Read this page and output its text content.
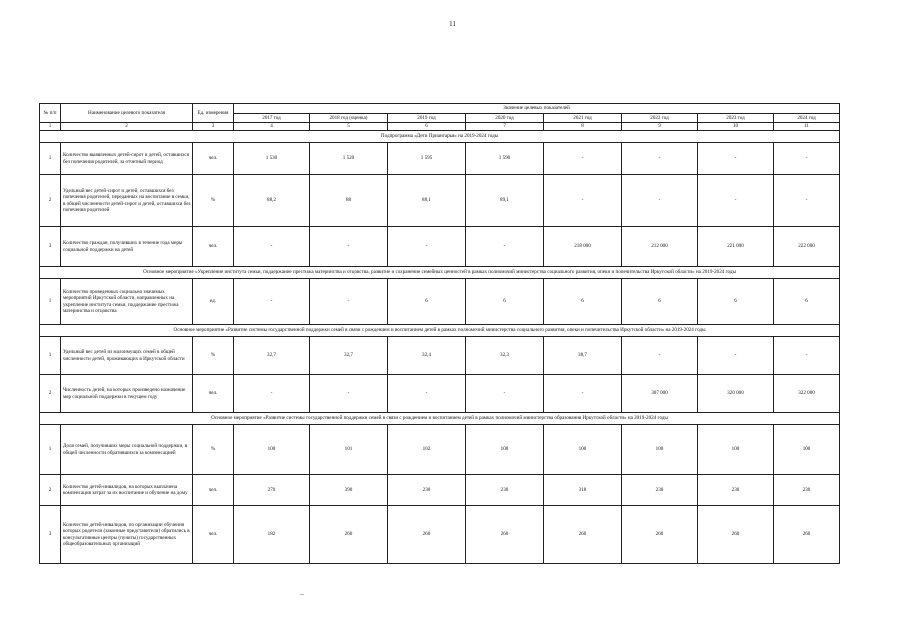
11
№ п/п	Наименование целевого показателя	Ед. измерения	Значение целевых показателей							
			2017 год	2018 год (оценка)	2019 год	2020 год	2021 год	2022 год	2023 год	2024 год
1	2	3	4	5	6	7	8	9	10	11
Подпрограмма «Дети Приангарья» на 2019-2024 годы										
1	Количество выявленных детей-сирот и детей, оставшихся без попечения родителей, за отчетный период	чел.	1 530	1 520	1 595	1 590	-	-	-	-
2	Удельный вес детей-сирот и детей, оставшихся без попечения родителей, переданных на воспитание в семьи, в общей численности детей-сирот и детей, оставшихся без попечения родителей	%	88,2	88	88,1	89,1	-	-	-	-
3	Количество граждан, получивших в течение года меры социальной поддержки на детей	чел.	-	-	-	-	218 000	212 000	221 000	222 000
Основное мероприятие «Укрепление института семьи, поддержание престижа материнства и отцовства, развитие и сохранение семейных ценностей в рамках полномочий министерства социального развития, опеки и попечительства Иркутской области» на 2019-2024 годы										
1	Количество проведенных социально значимых мероприятий Иркутской области, направленных на укрепление института семьи, поддержание престижа материнства и отцовства	ед.	-	-	6	6	6	6	6	6
Основное мероприятие «Развитие системы государственной поддержки семей в связи с рождением и воспитанием детей в рамках полномочий министерства социального развития, опеки и попечительства Иркутской области» на 2019-2024 годы										
1	Удельный вес детей из малоимущих семей в общей численности детей, проживающих в Иркутской области	%	32,7	32,7	32,4	32,3	38,7	-	-	-
2	Численность детей, на которых произведено назначение мер социальной поддержки в текущем году	чел.	-	-	-	-	-	307 000	320 000	322 000
Основное мероприятие «Развитие системы государственной поддержки семей в связи с рождением и воспитанием детей в рамках полномочий министерства образования Иркутской области» на 2019-2024 годы										
1	Доля семей, получивших меры социальной поддержки, в общей численности обратившихся за компенсацией	%	100	101	102	100	100	100	100	100
2	Количество детей-инвалидов, на которых выплачена компенсация затрат за их воспитание и обучение на дому	чел.	270	390	230	230	318	230	230	230
3	Количество детей-инвалидов, по организации обучения которых родители (законные представители) обратились в консультативные центры (пункты) государственных общеобразовательных организаций	чел.	182	260	260	260	260	260	260	260
